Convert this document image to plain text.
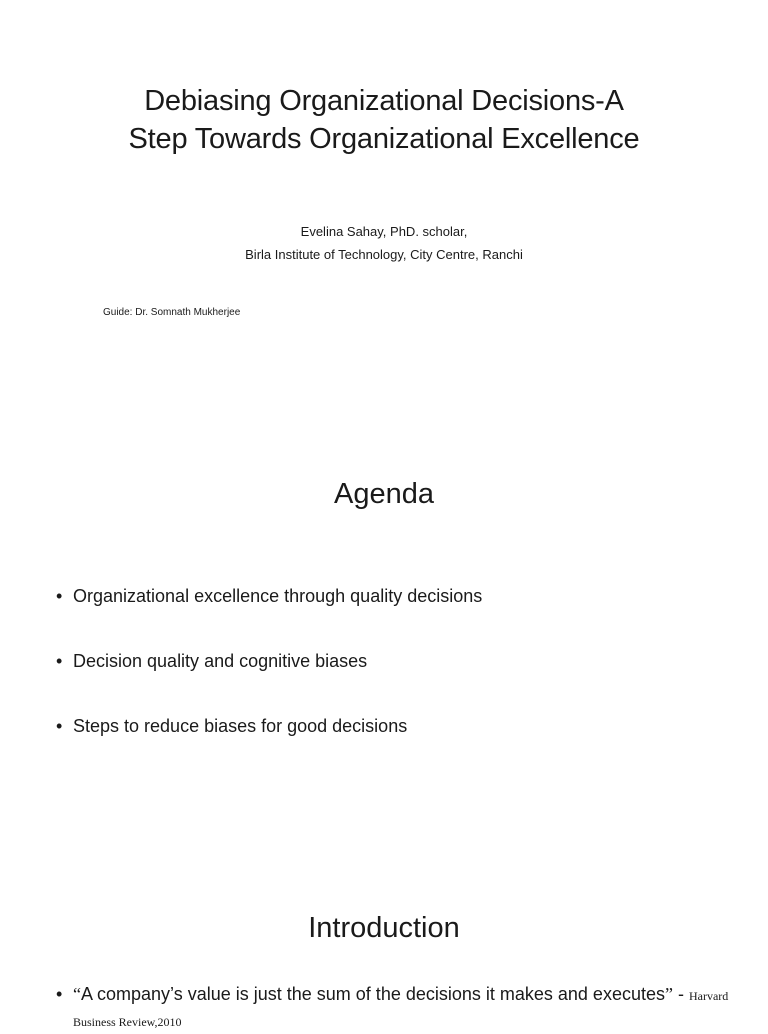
Debiasing Organizational Decisions-A
Step Towards Organizational Excellence
Evelina Sahay, PhD. scholar,
Birla Institute of Technology, City Centre, Ranchi
Guide: Dr. Somnath Mukherjee
Agenda
• Organizational excellence through quality decisions
• Decision quality and cognitive biases
• Steps to reduce biases for good decisions
Introduction
• “A company’s value is just the sum of the decisions it makes and executes” - Harvard Business Review,2010
